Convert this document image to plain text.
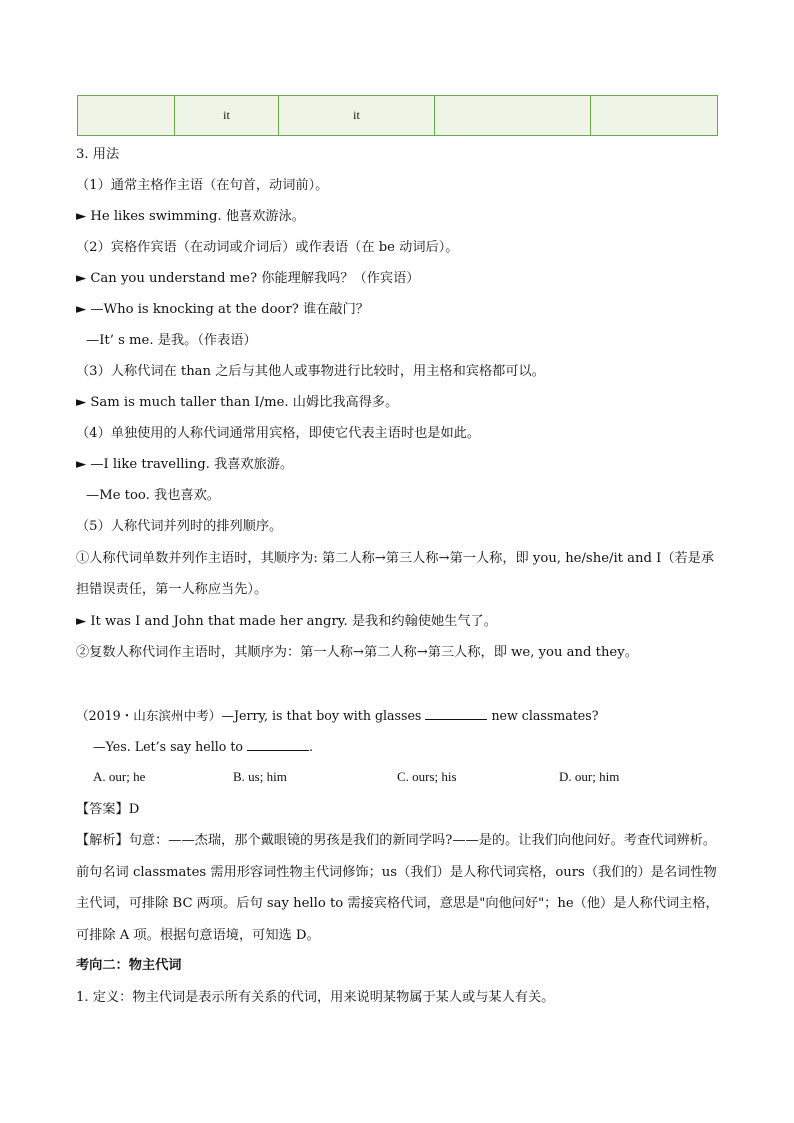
	it	it		
3. 用法
（1）通常主格作主语（在句首，动词前）。
► He likes swimming. 他喜欢游泳。
（2）宾格作宾语（在动词或介词后）或作表语（在 be 动词后）。
► Can you understand me? 你能理解我吗？（作宾语）
► —Who is knocking at the door? 谁在敲门？
—It’ s me. 是我。（作表语）
（3）人称代词在 than 之后与其他人或事物进行比较时，用主格和宾格都可以。
► Sam is much taller than I/me. 山姆比我高得多。
（4）单独使用的人称代词通常用宾格，即使它代表主语时也是如此。
► —I like travelling. 我喜欢旅游。
—Me too. 我也喜欢。
（5）人称代词并列时的排列顺序。
①人称代词单数并列作主语时，其顺序为: 第二人称→第三人称→第一人称，即 you, he/she/it and I（若是承担错误责任，第一人称应当先）。
► It was I and John that made her angry. 是我和约翰使她生气了。
②复数人称代词作主语时，其顺序为：第一人称→第二人称→第三人称，即 we, you and they。
（2019・山东滨州中考）—Jerry, is that boy with glasses	new classmates?
—Yes. Let’s say hello to	.
A. our; he	B. us; him	C. ours; his	D. our; him
【答案】D
【解析】句意：——杰瑞，那个戴眼镜的男孩是我们的新同学吗?——是的。让我们向他问好。考查代词辨析。前句名词 classmates 需用形容词性物主代词修饰；us（我们）是人称代词宾格，ours（我们的）是名词性物主代词，可排除 BC 两项。后句 say hello to 需接宾格代词，意思是"向他问好"；he（他）是人称代词主格，可排除 A 项。根据句意语境，可知选 D。
考向二：物主代词
1. 定义：物主代词是表示所有关系的代词，用来说明某物属于某人或与某人有关。
